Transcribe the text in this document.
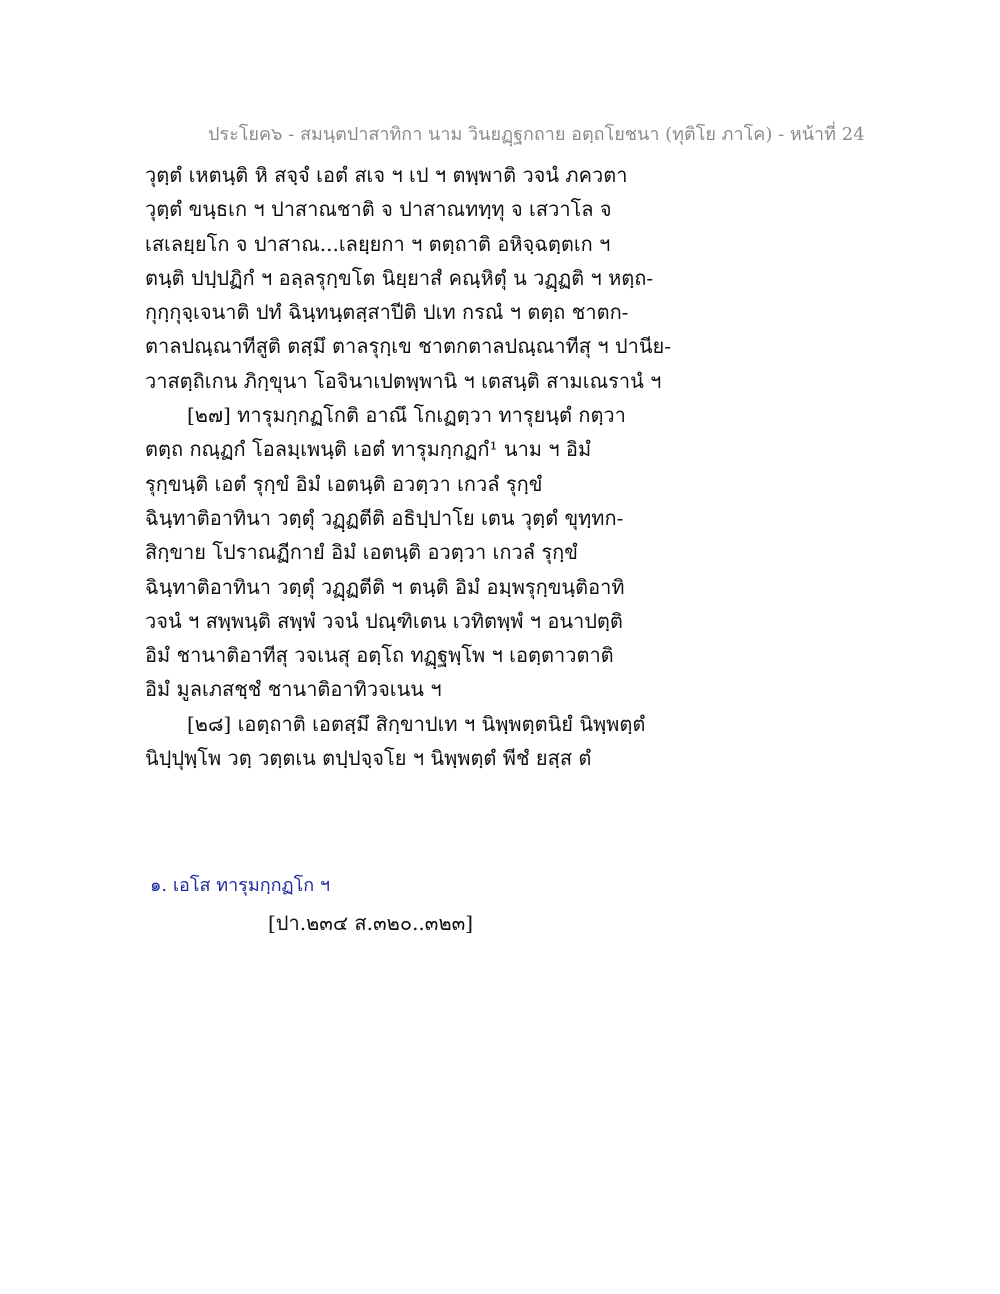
ประโยค๖ - สมนฺตปาสาทิกา นาม วินยฏฺฐกถาย อตฺถโยชนา (ทุติโย ภาโค) - หน้าที่ 24
วุตฺตํ เหตนฺติ หิ สจฺจํ เอตํ สเจ ฯ เป ฯ ตพฺพาติ วจนํ ภควตา
วุตฺตํ ขนฺธเก ฯ ปาสาณชาติ จ ปาสาณททฺทุ จ เสวาโล จ
เสเลยฺยโก จ ปาสาณ...เลยฺยกา ฯ ตตฺถาติ อหิจฺฉตฺตเก ฯ
ตนฺติ ปปฺปฏิกํ ฯ อลฺลรุกฺขโต นิยฺยาสํ คณฺหิตุํ น วฏฺฏติ ฯ หตฺถ-
กุกฺกุจฺเจนาติ ปทํ ฉินฺทนฺตสฺสาปีติ ปเท กรณํ ฯ ตตฺถ ชาตก-
ตาลปณฺณาทีสูติ ตสฺมึ ตาลรุกฺเข ชาตกตาลปณฺณาทีสุ ฯ ปานีย-
วาสตฺถิเกน ภิกฺขุนา โอจินาเปตพฺพานิ ฯ เตสนฺติ สามเณรานํ ฯ
[๒๗] ทารุมกฺกฏโกติ อาณึ โกเฏตฺวา ทารุยนฺตํ กตฺวา
ตตฺถ กณฺฏกํ โอลมฺเพนฺติ เอตํ ทารุมกฺกฏกํ¹ นาม ฯ อิมํ
รุกฺขนฺติ เอตํ รุกฺขํ อิมํ เอตนฺติ อวตฺวา เกวลํ รุกฺขํ
ฉินฺทาติอาทินา วตฺตุํ วฏฺฏตีติ อธิปฺปาโย เตน วุตฺตํ ขุทฺทก-
สิกฺขาย โปราณฏีกายํ อิมํ เอตนฺติ อวตฺวา เกวลํ รุกฺขํ
ฉินฺทาติอาทินา วตฺตุํ วฏฺฏตีติ ฯ ตนฺติ อิมํ อมฺพรุกฺขนฺติอาทิ
วจนํ ฯ สพฺพนฺติ สพฺพํ วจนํ ปณฺฑิเตน เวทิตพฺพํ ฯ อนาปตฺติ
อิมํ ชานาติอาทีสุ วจเนสุ อตฺโถ ทฏฺฐพฺโพ ฯ เอตฺตาวตาติ
อิมํ มูลเภสชฺชํ ชานาติอาทิวจเนน ฯ
[๒๘] เอตฺถาติ เอตสฺมึ สิกฺขาปเท ฯ นิพฺพตฺตนิยํ นิพฺพตฺตํ
นิปฺปุพฺโพ วตฺ วตฺตเน ตปฺปจฺจโย ฯ นิพฺพตฺตํ พีชํ ยสฺส ตํ
๑. เอโส ทารุมกฺกฏโก ฯ
[ปา.๒๓๔ ส.๓๒๐..๓๒๓]
